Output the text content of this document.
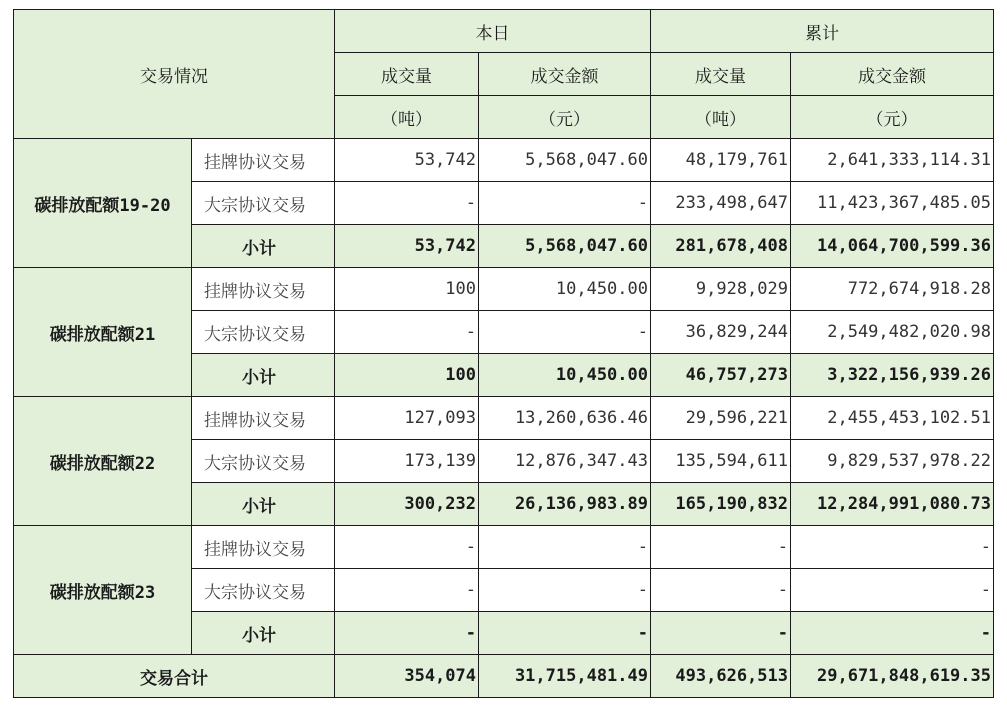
交易情况		本日		累计	
		成交量	成交金额	成交量	成交金额
		（吨）	（元）	（吨）	（元）
碳排放配额19-20	挂牌协议交易	53,742	5,568,047.60	48,179,761	2,641,333,114.31
	大宗协议交易	-	-	233,498,647	11,423,367,485.05
	小计	53,742	5,568,047.60	281,678,408	14,064,700,599.36
碳排放配额21	挂牌协议交易	100	10,450.00	9,928,029	772,674,918.28
	大宗协议交易	-	-	36,829,244	2,549,482,020.98
	小计	100	10,450.00	46,757,273	3,322,156,939.26
碳排放配额22	挂牌协议交易	127,093	13,260,636.46	29,596,221	2,455,453,102.51
	大宗协议交易	173,139	12,876,347.43	135,594,611	9,829,537,978.22
	小计	300,232	26,136,983.89	165,190,832	12,284,991,080.73
碳排放配额23	挂牌协议交易	-	-	-	-
	大宗协议交易	-	-	-	-
	小计	-	-	-	-
交易合计		354,074	31,715,481.49	493,626,513	29,671,848,619.35
